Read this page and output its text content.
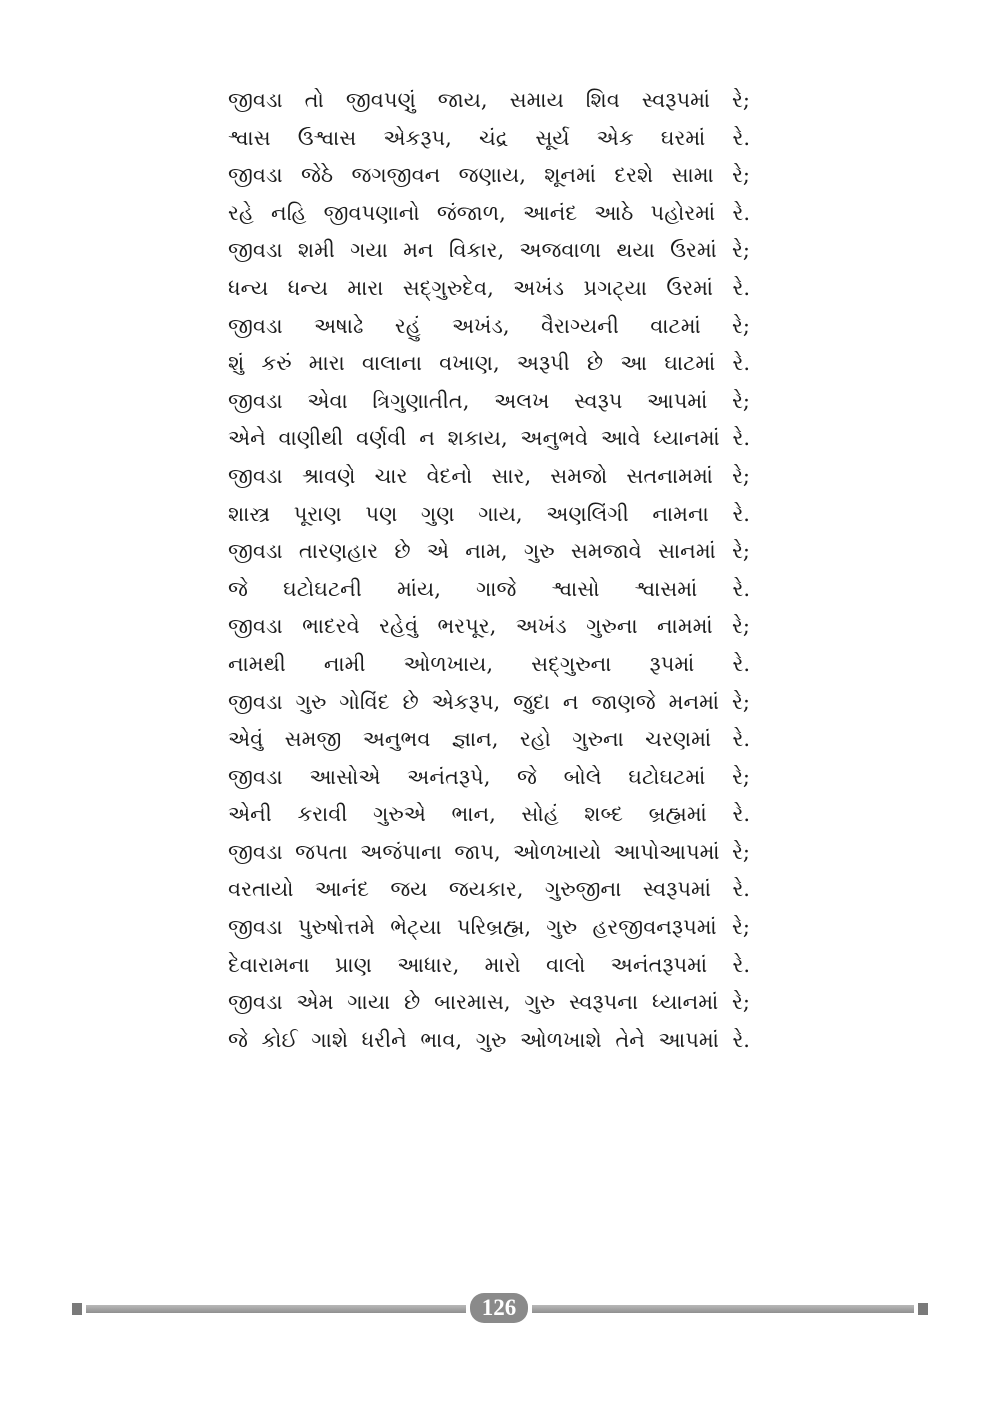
જીવડા તો જીવપણું જાય, સમાય શિવ સ્વરૂપમાં રે;
શ્વાસ ઉશ્વાસ એકરૂપ, ચંદ્ર સૂર્ય એક ઘરમાં રે.
જીવડા જેઠે જગજીવન જણાય, શૂનમાં દરશે સામા રે;
રહે નહિ જીવપણાનો જંજાળ, આનંદ આઠે પહોરમાં રે.
જીવડા શમી ગયા મન વિકાર, અજવાળા થયા ઉરમાં રે;
ધન્ય ધન્ય મારા સદ્‌ગુરુદેવ, અખંડ પ્રગટ્યા ઉરમાં રે.
જીવડા અષાઢે રહું અખંડ, વૈરાગ્યની વાટમાં રે;
શું કરું મારા વાલાના વખાણ, અરૂપી છે આ ઘાટમાં રે.
જીવડા એવા ત્રિગુણાતીત, અલખ સ્વરૂપ આપમાં રે;
એને વાણીથી વર્ણવી ન શકાય, અનુભવે આવે ધ્યાનમાં રે.
જીવડા શ્રાવણે ચાર વેદનો સાર, સમજો સતનામમાં રે;
શાસ્ત્ર પૂરાણ પણ ગુણ ગાય, અણલિંગી નામના રે.
જીવડા તારણહાર છે એ નામ, ગુરુ સમજાવે સાનમાં રે;
જે ઘટોઘટની માંય, ગાજે શ્વાસો શ્વાસમાં રે.
જીવડા ભાદરવે રહેવું ભરપૂર, અખંડ ગુરુના નામમાં રે;
નામથી નામી ઓળખાય, સદ્‌ગુરુના રૂપમાં રે.
જીવડા ગુરુ ગોવિંદ છે એકરૂપ, જુદા ન જાણજે મનમાં રે;
એવું સમજી અનુભવ જ્ઞાન, રહો ગુરુના ચરણમાં રે.
જીવડા આસોએ અનંતરૂપે, જે બોલે ઘટોઘટમાં રે;
એની કરાવી ગુરુએ ભાન, સોહં શબ્દ બ્રહ્મમાં રે.
જીવડા જપતા અજંપાના જાપ, ઓળખાયો આપોઆપમાં રે;
વરતાયો આનંદ જય જયકાર, ગુરુજીના સ્વરૂપમાં રે.
જીવડા પુરુષોત્તમે ભેટ્યા પરિબ્રહ્મ, ગુરુ હરજીવનરૂપમાં રે;
દેવારામના પ્રાણ આધાર, મારો વાલો અનંતરૂપમાં રે.
જીવડા એમ ગાયા છે બારમાસ, ગુરુ સ્વરૂપના ધ્યાનમાં રે;
જે કોઈ ગાશે ધરીને ભાવ, ગુરુ ઓળખાશે તેને આપમાં રે.
126
